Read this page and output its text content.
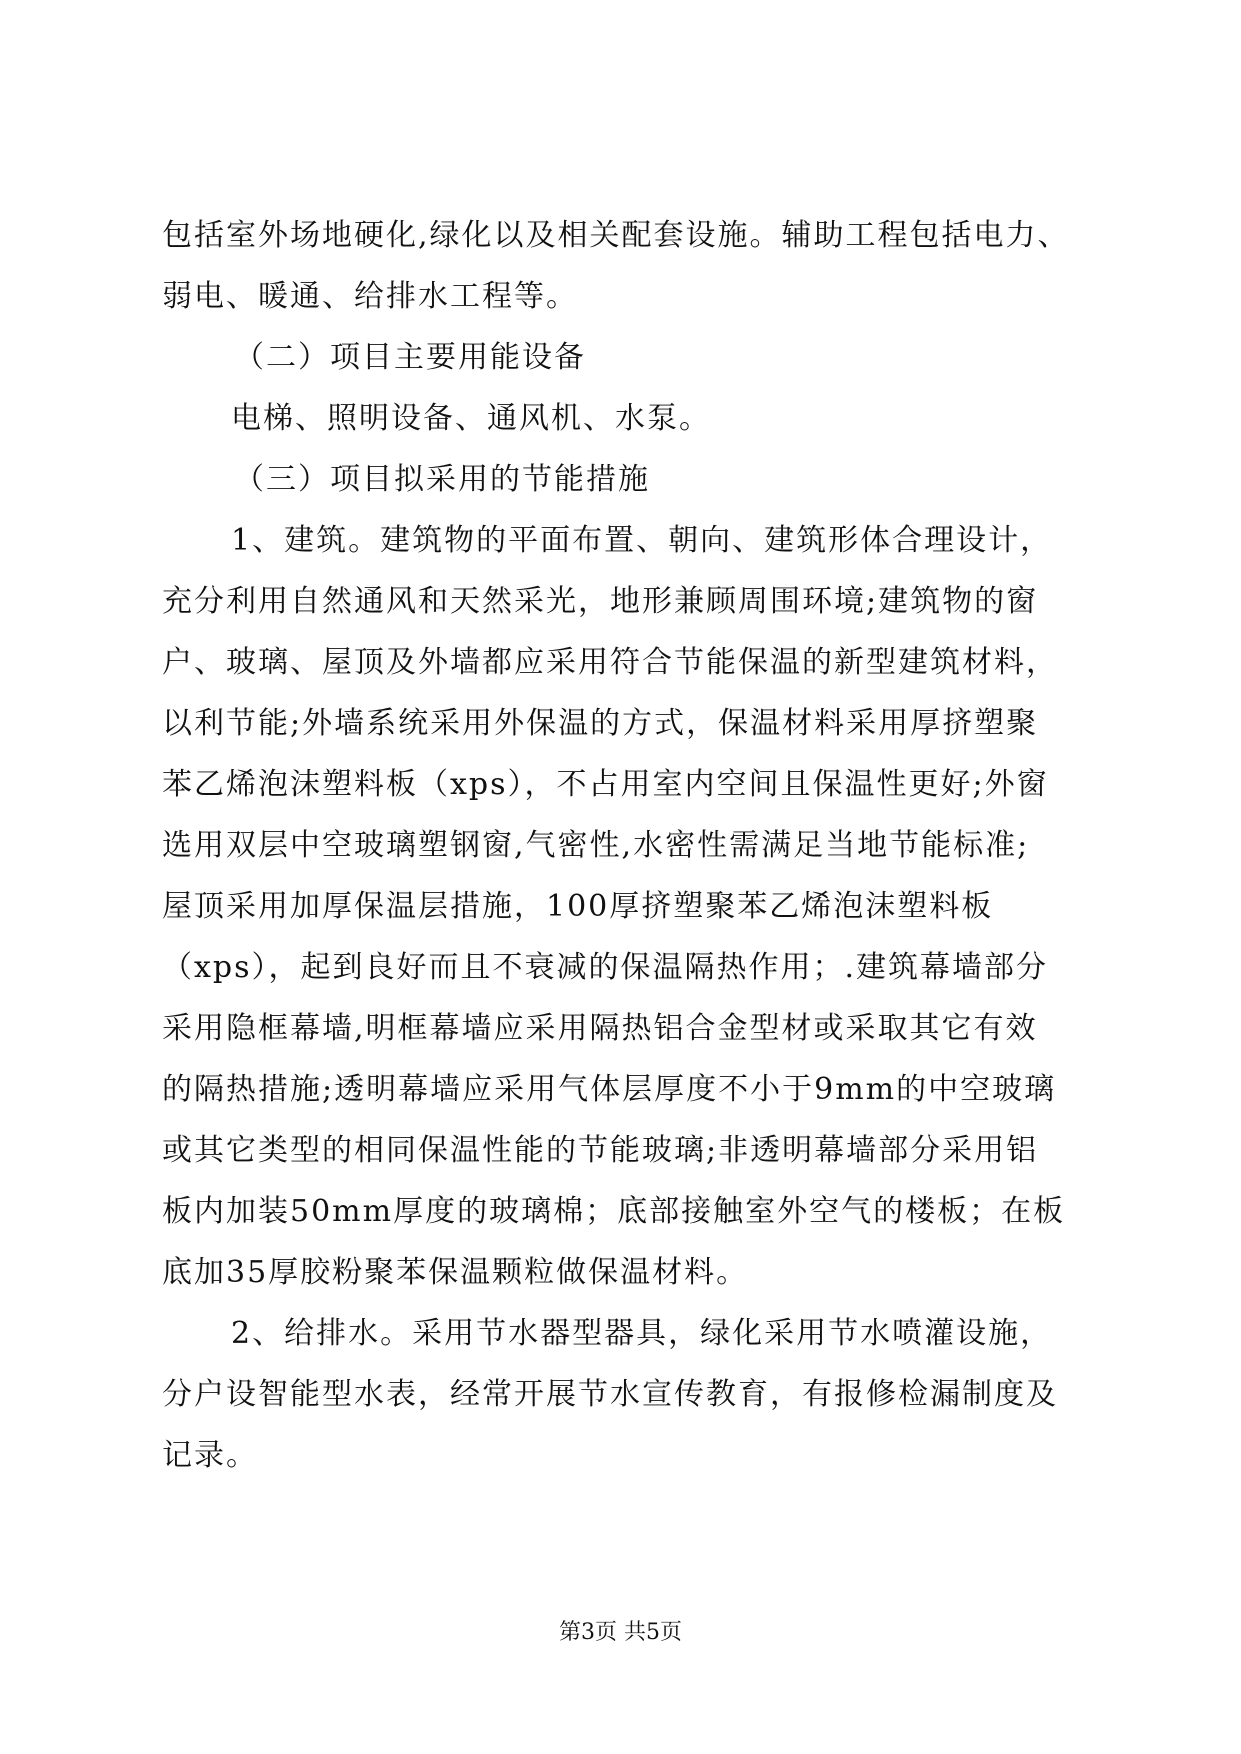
包括室外场地硬化,绿化以及相关配套设施。辅助工程包括电力、
弱电、暖通、给排水工程等。
（二）项目主要用能设备
电梯、照明设备、通风机、水泵。
（三）项目拟采用的节能措施
1、建筑。建筑物的平面布置、朝向、建筑形体合理设计，
充分利用自然通风和天然采光，地形兼顾周围环境;建筑物的窗
户、玻璃、屋顶及外墙都应采用符合节能保温的新型建筑材料，
以利节能;外墙系统采用外保温的方式，保温材料采用厚挤塑聚
苯乙烯泡沫塑料板（xps），不占用室内空间且保温性更好;外窗
选用双层中空玻璃塑钢窗,气密性,水密性需满足当地节能标准;
屋顶采用加厚保温层措施，100厚挤塑聚苯乙烯泡沫塑料板
（xps），起到良好而且不衰减的保温隔热作用；.建筑幕墙部分
采用隐框幕墙,明框幕墙应采用隔热铝合金型材或采取其它有效
的隔热措施;透明幕墙应采用气体层厚度不小于9mm的中空玻璃
或其它类型的相同保温性能的节能玻璃;非透明幕墙部分采用铝
板内加装50mm厚度的玻璃棉；底部接触室外空气的楼板；在板
底加35厚胶粉聚苯保温颗粒做保温材料。
2、给排水。采用节水器型器具，绿化采用节水喷灌设施，
分户设智能型水表，经常开展节水宣传教育，有报修检漏制度及
记录。
第3页 共5页
